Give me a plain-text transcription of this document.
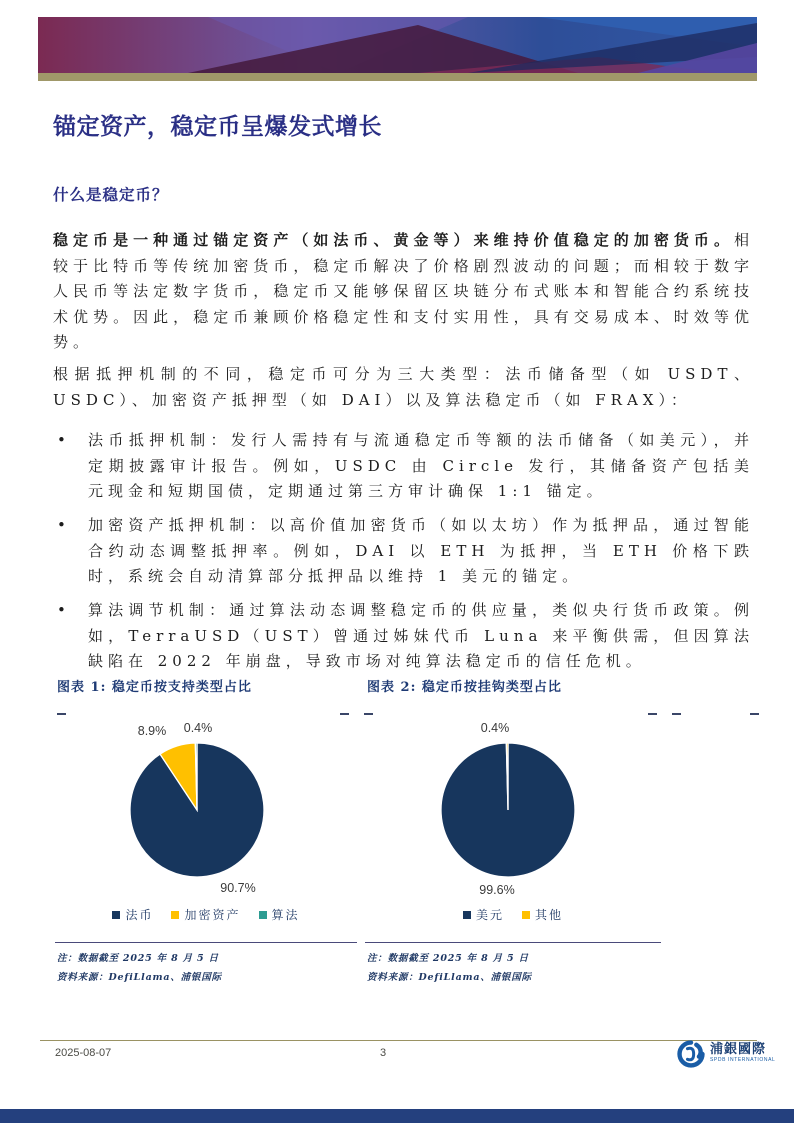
锚定资产，稳定币呈爆发式增长
什么是稳定币？
稳定币是一种通过锚定资产（如法币、黄金等）来维持价值稳定的加密货币。相较于比特币等传统加密货币，稳定币解决了价格剧烈波动的问题；而相较于数字人民币等法定数字货币，稳定币又能够保留区块链分布式账本和智能合约系统技术优势。因此，稳定币兼顾价格稳定性和支付实用性，具有交易成本、时效等优势。
根据抵押机制的不同，稳定币可分为三大类型：法币储备型（如 USDT、USDC）、加密资产抵押型（如 DAI）以及算法稳定币（如 FRAX）：
• 法币抵押机制：发行人需持有与流通稳定币等额的法币储备（如美元），并定期披露审计报告。例如，USDC 由 Circle 发行，其储备资产包括美元现金和短期国债，定期通过第三方审计确保 1:1 锚定。
• 加密资产抵押机制：以高价值加密货币（如以太坊）作为抵押品，通过智能合约动态调整抵押率。例如，DAI 以 ETH 为抵押，当 ETH 价格下跌时，系统会自动清算部分抵押品以维持 1 美元的锚定。
• 算法调节机制：通过算法动态调整稳定币的供应量，类似央行货币政策。例如，TerraUSD（UST）曾通过姊妹代币 Luna 来平衡供需，但因算法缺陷在 2022 年崩盘，导致市场对纯算法稳定币的信任危机。
图表 1: 稳定币按支持类型占比
8.9% 0.4%
90.7%
法币	加密资产	算法
注：数据截至 2025 年 8 月 5 日
资料来源：DefiLlama、浦银国际
图表 2: 稳定币按挂钩类型占比
0.4%
99.6%
美元	其他
注：数据截至 2025 年 8 月 5 日
资料来源：DefiLlama、浦银国际
2025-08-07	3	浦銀國際
SPDB INTERNATIONAL
